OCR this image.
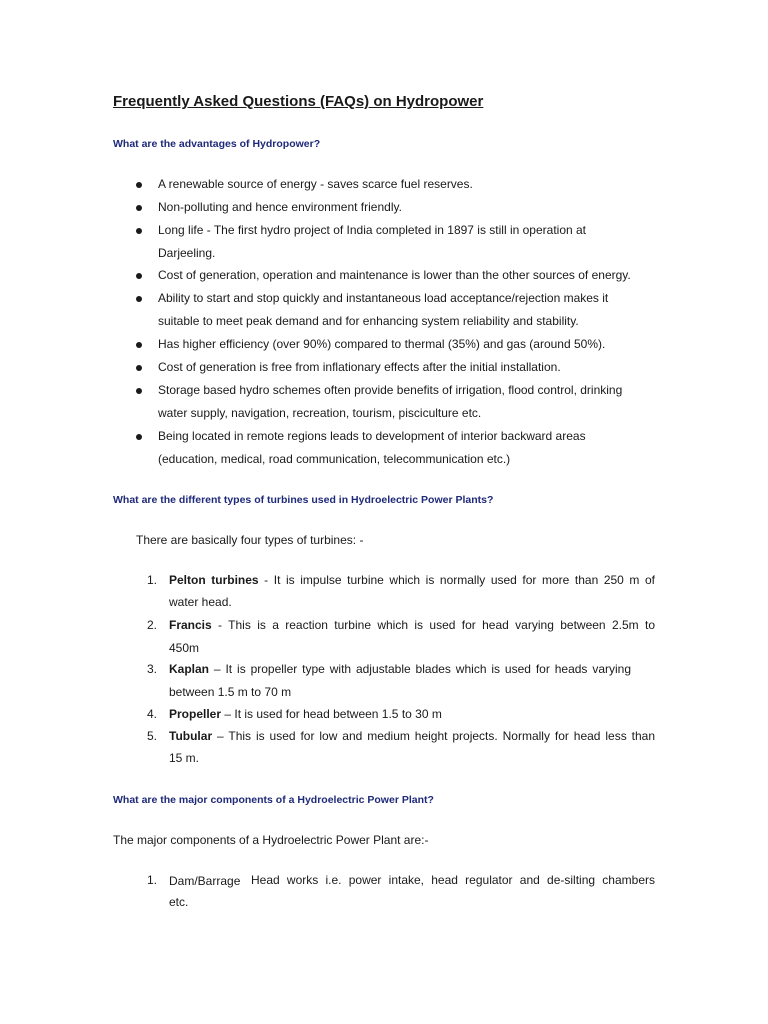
Frequently Asked Questions (FAQs) on Hydropower
What are the advantages of Hydropower?
A renewable source of energy - saves scarce fuel reserves.
Non-polluting and hence environment friendly.
Long life - The first hydro project of India completed in 1897 is still in operation at
Darjeeling.
Cost of generation, operation and maintenance is lower than the other sources of energy.
Ability to start and stop quickly and instantaneous load acceptance/rejection makes it
suitable to meet peak demand and for enhancing system reliability and stability.
Has higher efficiency (over 90%) compared to thermal (35%) and gas (around 50%).
Cost of generation is free from inflationary effects after the initial installation.
Storage based hydro schemes often provide benefits of irrigation, flood control, drinking
water supply, navigation, recreation, tourism, pisciculture etc.
Being located in remote regions leads to development of interior backward areas
(education, medical, road communication, telecommunication etc.)
What are the different types of turbines used in Hydroelectric Power Plants?
There are basically four types of turbines: -
1. Pelton turbines - It is impulse turbine which is normally used for more than 250 m of
water head.
2. Francis - This is a reaction turbine which is used for head varying between 2.5m to
450m
3. Kaplan – It is propeller type with adjustable blades which is used for heads varying
between 1.5 m to 70 m
4. Propeller – It is used for head between 1.5 to 30 m
5. Tubular – This is used for low and medium height projects. Normally for head less than
15 m.
What are the major components of a Hydroelectric Power Plant?
The major components of a Hydroelectric Power Plant are:-
1. Dam/Barrage Head works i.e. power intake, head regulator and de-silting chambers
etc.
